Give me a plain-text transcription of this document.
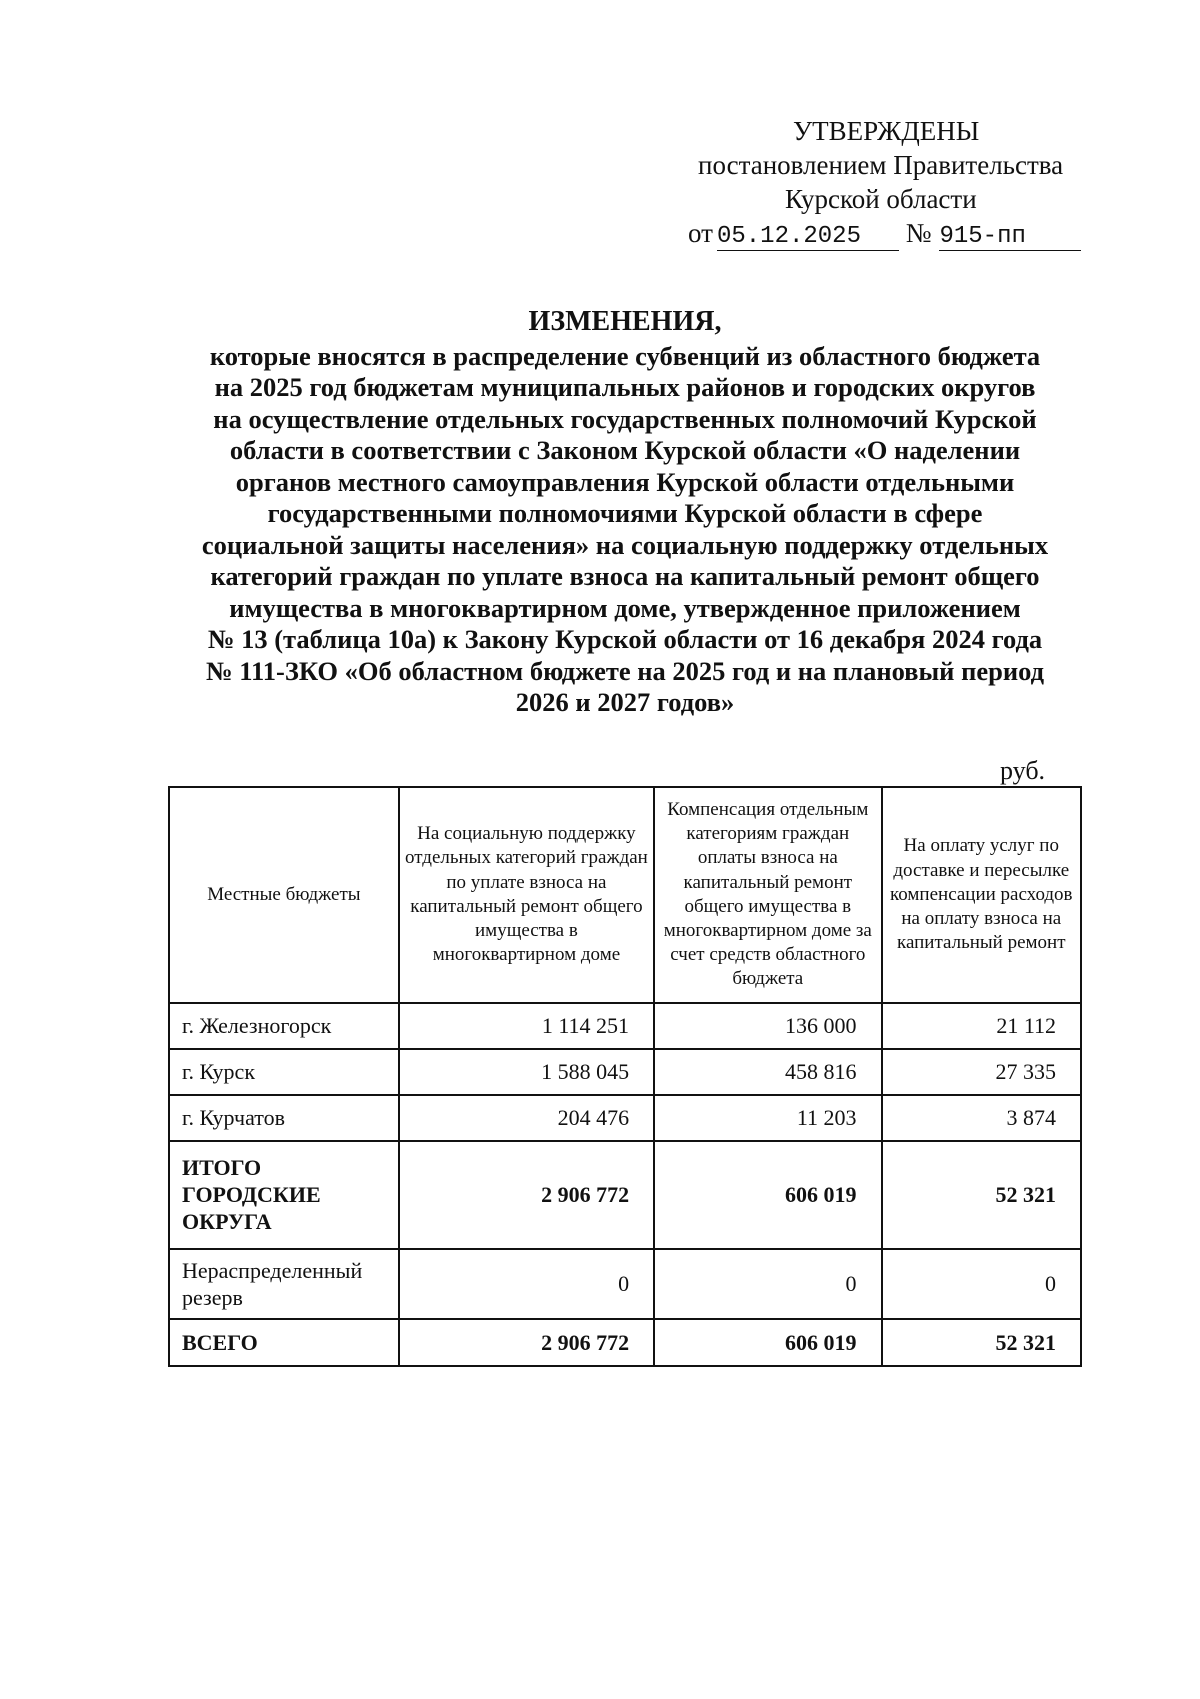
УТВЕРЖДЕНЫ
постановлением Правительства
Курской области
от 05.12.2025 № 915-пп
ИЗМЕНЕНИЯ,
которые вносятся в распределение субвенций из областного бюджета
на 2025 год бюджетам муниципальных районов и городских округов
на осуществление отдельных государственных полномочий Курской
области в соответствии с Законом Курской области «О наделении
органов местного самоуправления Курской области отдельными
государственными полномочиями Курской области в сфере
социальной защиты населения» на социальную поддержку отдельных
категорий граждан по уплате взноса на капитальный ремонт общего
имущества в многоквартирном доме, утвержденное приложением
№ 13 (таблица 10а) к Закону Курской области от 16 декабря 2024 года
№ 111-ЗКО «Об областном бюджете на 2025 год и на плановый период
2026 и 2027 годов»
руб.
Местные бюджеты	На социальную поддержку отдельных категорий граждан по уплате взноса на капитальный ремонт общего имущества в многоквартирном доме	Компенсация отдельным категориям граждан оплаты взноса на капитальный ремонт общего имущества в многоквартирном доме за счет средств областного бюджета	На оплату услуг по доставке и пересылке компенсации расходов на оплату взноса на капитальный ремонт
г. Железногорск	1 114 251	136 000	21 112
г. Курск	1 588 045	458 816	27 335
г. Курчатов	204 476	11 203	3 874
ИТОГО ГОРОДСКИЕ ОКРУГА	2 906 772	606 019	52 321
Нераспределенный резерв	0	0	0
ВСЕГО	2 906 772	606 019	52 321
